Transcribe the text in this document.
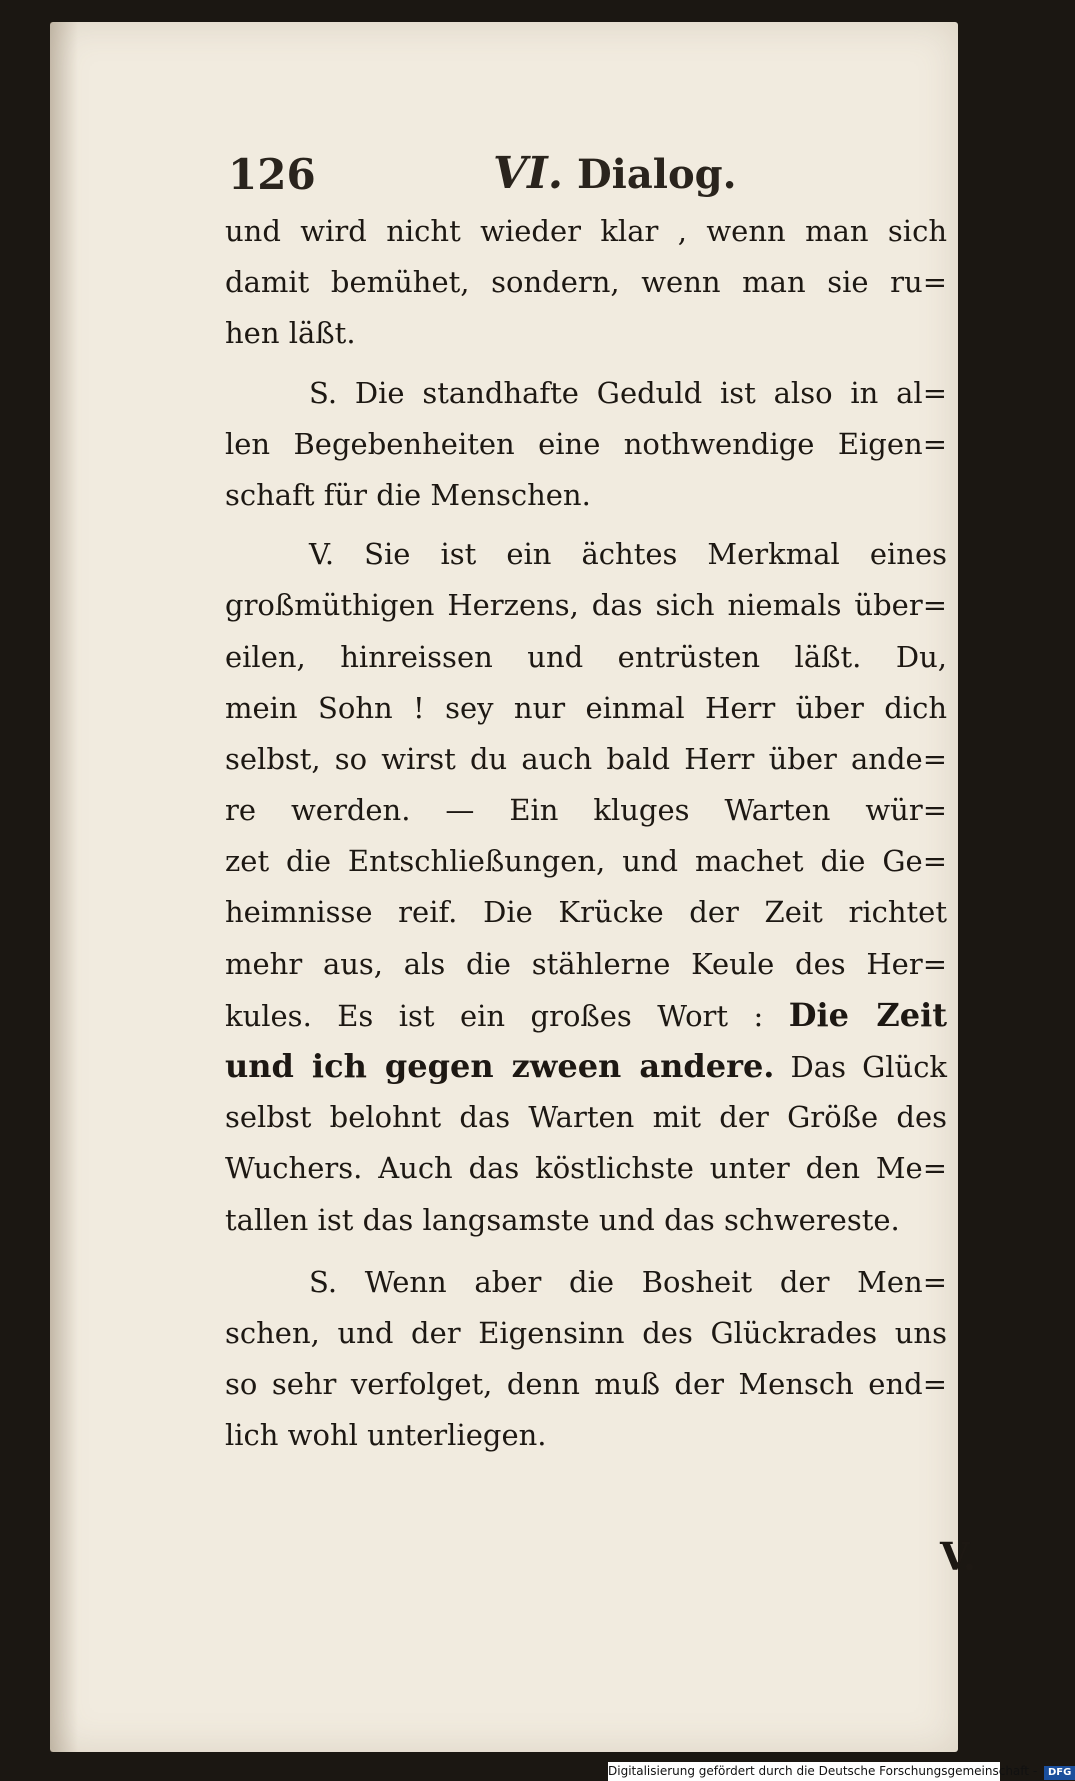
126	VI. Dialog.
V.
und wird nicht wieder klar , wenn man sich
damit bemühet, sondern, wenn man sie ru=
hen läßt.
S. Die standhafte Geduld ist also in al=
len Begebenheiten eine nothwendige Eigen=
schaft für die Menschen.
V. Sie ist ein ächtes Merkmal eines
großmüthigen Herzens, das sich niemals über=
eilen, hinreissen und entrüsten läßt. Du,
mein Sohn ! sey nur einmal Herr über dich
selbst, so wirst du auch bald Herr über ande=
re werden. — Ein kluges Warten wür=
zet die Entschließungen, und machet die Ge=
heimnisse reif. Die Krücke der Zeit richtet
mehr aus, als die stählerne Keule des Her=
kules. Es ist ein großes Wort : Die Zeit
und ich gegen zween andere. Das Glück
selbst belohnt das Warten mit der Größe des
Wuchers. Auch das köstlichste unter den Me=
tallen ist das langsamste und das schwereste.
S. Wenn aber die Bosheit der Men=
schen, und der Eigensinn des Glückrades uns
so sehr verfolget, denn muß der Mensch end=
lich wohl unterliegen.
Digitalisierung gefördert durch die Deutsche Forschungsgemeinschaft - DFG
